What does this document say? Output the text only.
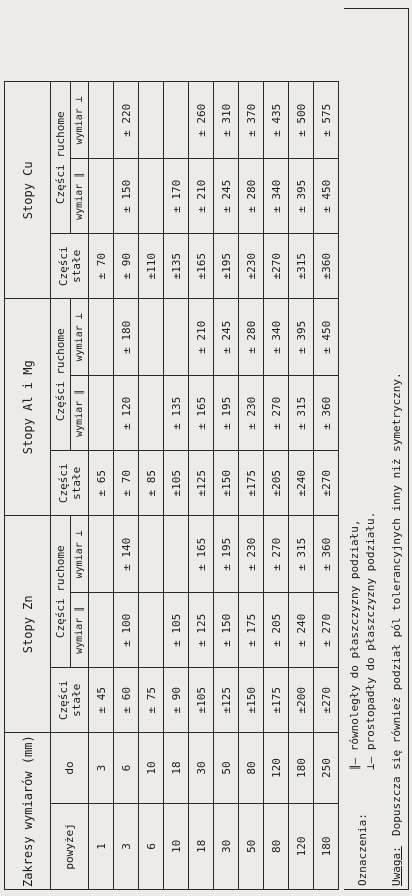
Zakresy wymiarów (mm)		Stopy Zn			Stopy Al i Mg			Stopy Cu		
powyżej	do	Części stałe	Części ruchome		Części stałe	Części ruchome		Części stałe	Części ruchome	
			wymiar ∥	wymiar ⊥		wymiar ∥	wymiar ⊥		wymiar ∥	wymiar ⊥
1	3	± 45			± 65			± 70		
3	6	± 60	± 100	± 140	± 70	± 120	± 180	± 90	± 150	± 220
6	10	± 75			± 85			±110		
10	18	± 90	± 105		±105	± 135		±135	± 170	
18	30	±105	± 125	± 165	±125	± 165	± 210	±165	± 210	± 260
30	50	±125	± 150	± 195	±150	± 195	± 245	±195	± 245	± 310
50	80	±150	± 175	± 230	±175	± 230	± 280	±230	± 280	± 370
80	120	±175	± 205	± 270	±205	± 270	± 340	±270	± 340	± 435
120	180	±200	± 240	± 315	±240	± 315	± 395	±315	± 395	± 500
180	250	±270	± 270	± 360	±270	± 360	± 450	±360	± 450	± 575
Oznaczenia:
∥– równoległy do płaszczyzny podziału, ⊥– prostopadły do płaszczyzny podziału.
Uwaga:
Dopuszcza się również podział pól tolerancyjnych inny niż symetryczny.
